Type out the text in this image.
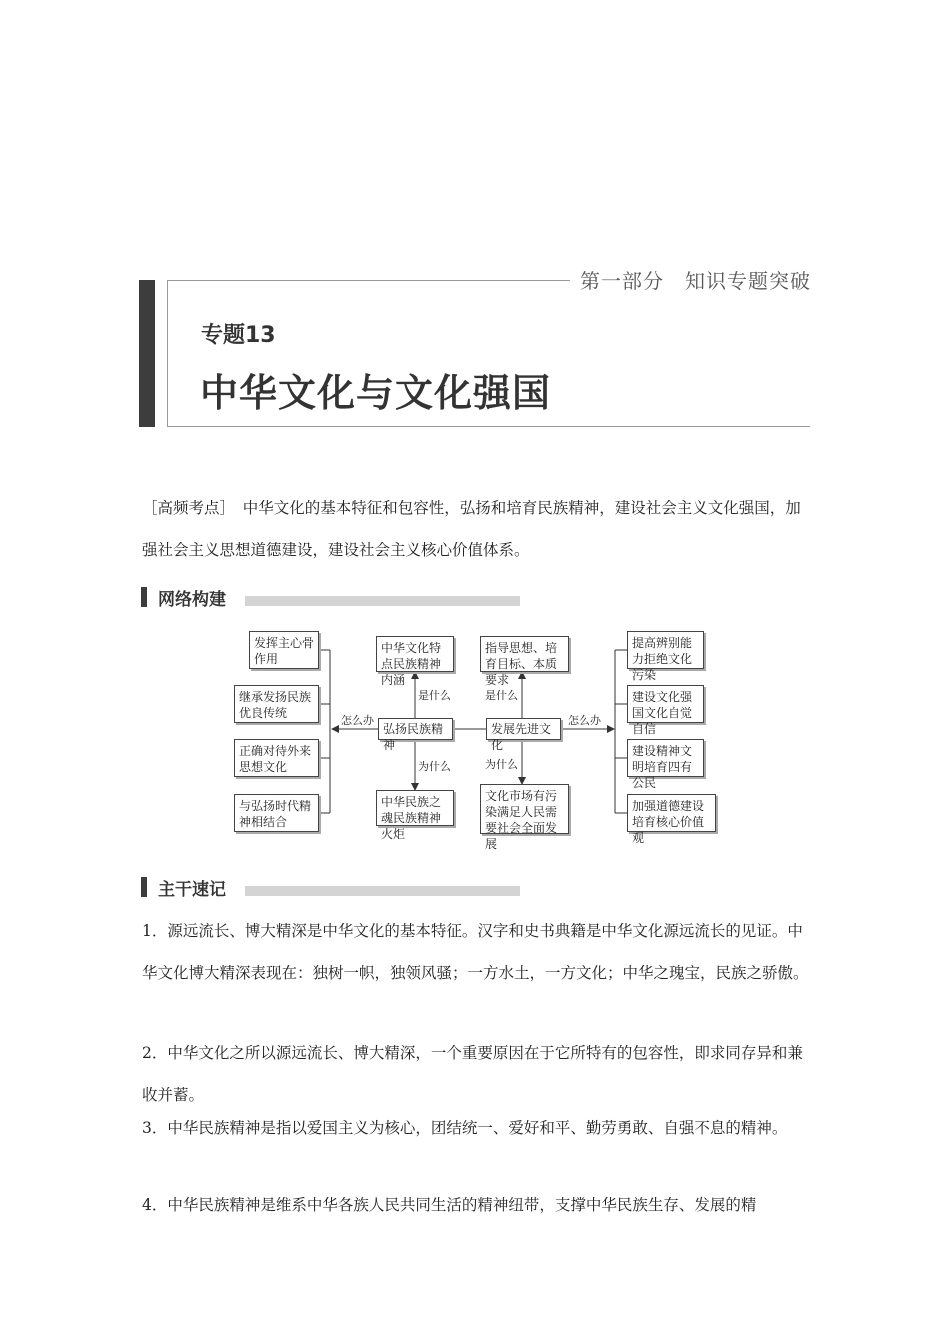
第一部分　知识专题突破
专题13
中华文化与文化强国
［高频考点］　中华文化的基本特征和包容性，弘扬和培育民族精神，建设社会主义文化强国，加强社会主义思想道德建设，建设社会主义核心价值体系。
网络构建
发挥主心骨作用
继承发扬民族优良传统
正确对待外来思想文化
与弘扬时代精神相结合
中华文化特点民族精神内涵
弘扬民族精神
中华民族之魂民族精神火炬
指导思想、培育目标、本质要求
发展先进文化
文化市场有污染满足人民需要社会全面发展
提高辨别能力拒绝文化污染
建设文化强国文化自觉自信
建设精神文明培育四有公民
加强道德建设培育核心价值观
怎么办	怎么办
是什么	是什么
为什么	为什么
主干速记
1．源远流长、博大精深是中华文化的基本特征。汉字和史书典籍是中华文化源远流长的见证。中华文化博大精深表现在：独树一帜，独领风骚；一方水土，一方文化；中华之瑰宝，民族之骄傲。
2．中华文化之所以源远流长、博大精深，一个重要原因在于它所特有的包容性，即求同存异和兼收并蓄。
3．中华民族精神是指以爱国主义为核心，团结统一、爱好和平、勤劳勇敢、自强不息的精神。
4．中华民族精神是维系中华各族人民共同生活的精神纽带，支撑中华民族生存、发展的精
